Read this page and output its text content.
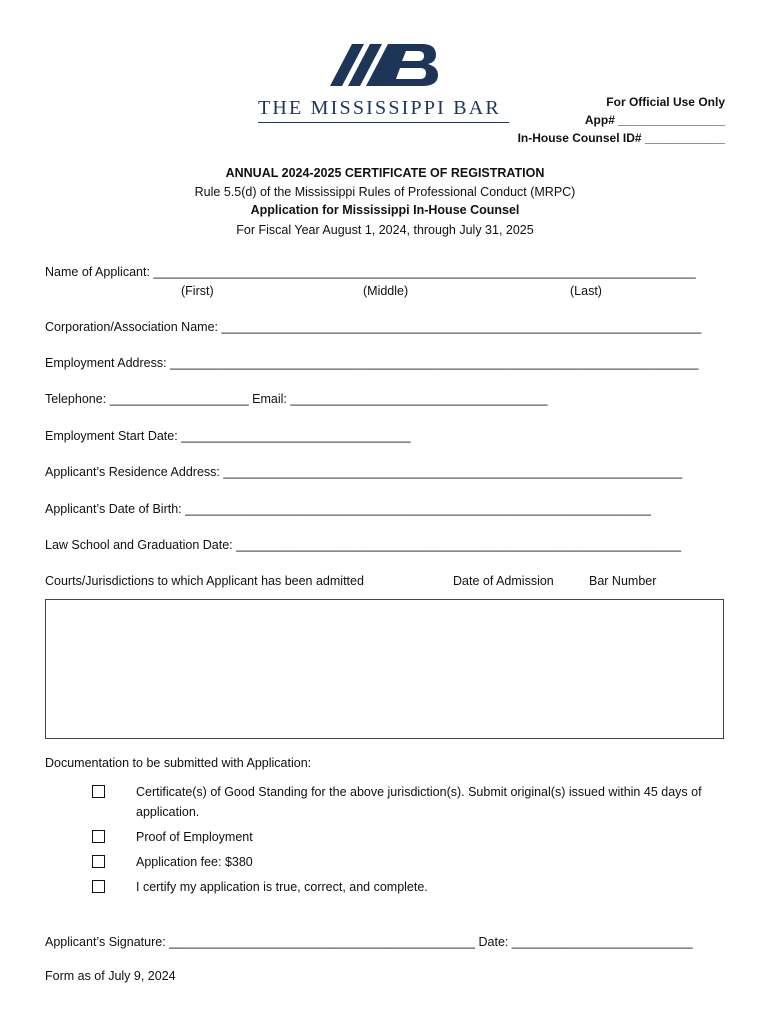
THE MISSISSIPPI BAR	For Official Use Only
App# ________________
In-House Counsel ID# ____________
ANNUAL 2024-2025 CERTIFICATE OF REGISTRATION
Rule 5.5(d) of the Mississippi Rules of Professional Conduct (MRPC)
Application for Mississippi In-House Counsel
For Fiscal Year August 1, 2024, through July 31, 2025
Name of Applicant: ______________________________________________________________________________
(First)	(Middle)	(Last)
Corporation/Association Name: _____________________________________________________________________
Employment Address: ____________________________________________________________________________
Telephone: ____________________ Email: _____________________________________
Employment Start Date: _________________________________
Applicant’s Residence Address: __________________________________________________________________
Applicant’s Date of Birth: ___________________________________________________________________
Law School and Graduation Date: ________________________________________________________________
Courts/Jurisdictions to which Applicant has been admitted	Date of Admission	Bar Number
Documentation to be submitted with Application:
Certificate(s) of Good Standing for the above jurisdiction(s). Submit original(s) issued within 45 days of
application.
Proof of Employment
Application fee: $380
I certify my application is true, correct, and complete.
Applicant’s Signature: ____________________________________________ Date: __________________________
Form as of July 9, 2024
